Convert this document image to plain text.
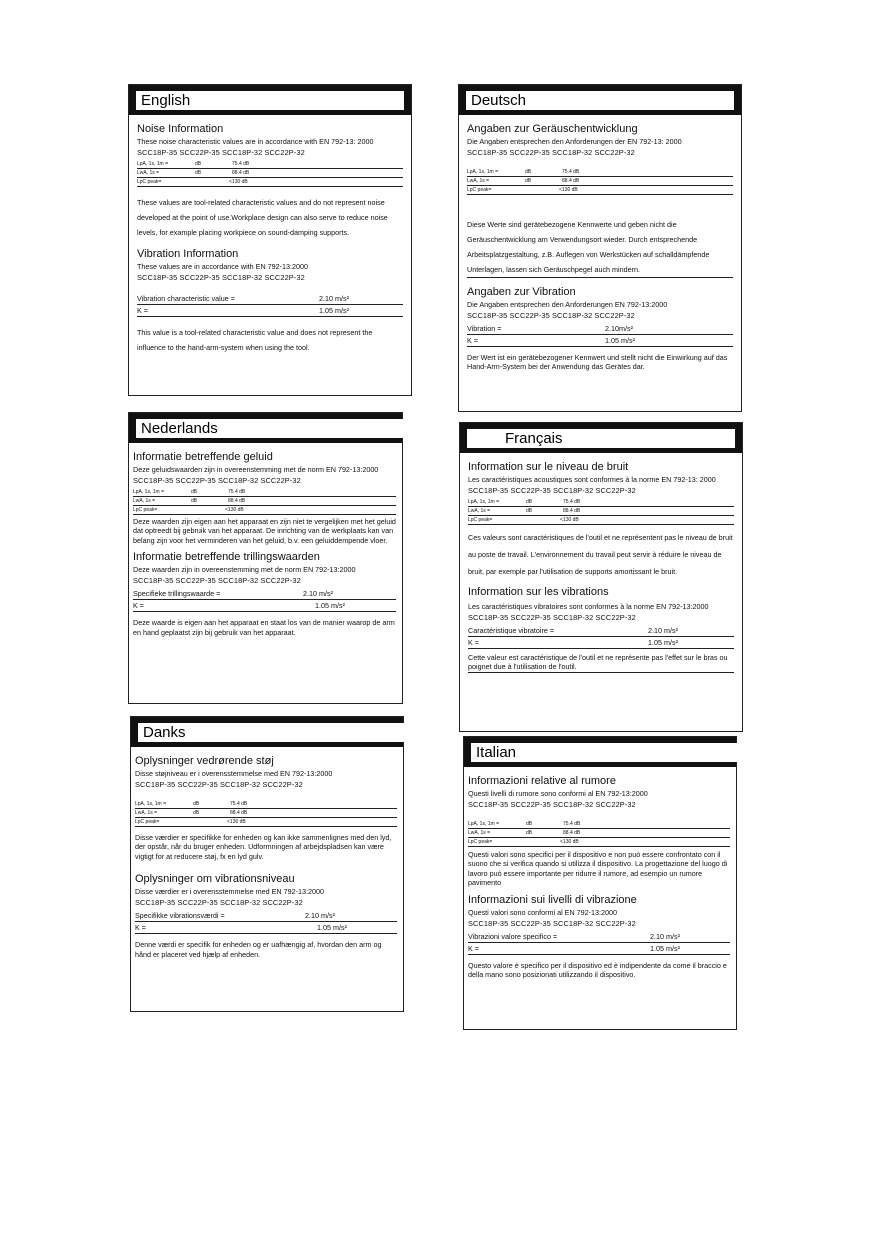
English

Noise Information

These noise characteristic values are in accordance with EN 792-13: 2000

SCC18P-35 SCC22P-35 SCC18P-32 SCC22P-32

LpA, 1s, 1m =	dB	75.4 dB
LwA, 1s =	dB	88.4 dB
LpC peak=	<130 dB

These values are tool-related characteristic values and do not represent noise developed at the point of use.Workplace design can also serve to reduce noise levels, for example placing workpiece on sound-damping supports.

Vibration Information

These values are in accordance with EN 792-13:2000

SCC18P-35 SCC22P-35 SCC18P-32 SCC22P-32

Vibration characteristic value =	2.10 m/s²
K =	1.05 m/s²

This value is a tool-related characteristic value and does not represent the influence to the hand-arm-system when using the tool.

Deutsch

Angaben zur Geräuschentwicklung

Die Angaben entsprechen den Anforderungen der EN 792-13: 2000

SCC18P-35 SCC22P-35 SCC18P-32 SCC22P-32

LpA, 1s, 1m =	dB	75.4 dB
LwA, 1s =	dB	88.4 dB
LpC peak=	<130 dB

Diese Werte sind gerätebezogene Kennwerte und geben nicht die Geräuschentwicklung am Verwendungsort wieder. Durch entsprechende Arbeitsplatzgestaltung, z.B. Auflegen von Werkstücken auf schalldämpfende Unterlagen, lassen sich Geräuschpegel auch mindern.

Angaben zur Vibration

Die Angaben entsprechen den Anforderungen EN 792-13:2000

SCC18P-35 SCC22P-35 SCC18P-32 SCC22P-32

Vibration =	2.10m/s²
K =	1.05 m/s²

Der Wert ist ein gerätebezogener Kennwert und stellt nicht die Einwirkung auf das Hand-Arm-System bei der Anwendung das Gerätes dar.

Nederlands

Informatie betreffende geluid

Deze geluidswaarden zijn in overeenstemming met de norm EN 792-13:2000

SCC18P-35 SCC22P-35 SCC18P-32 SCC22P-32

LpA, 1s, 1m =	dB	75.4 dB
LwA, 1s =	dB	88.4 dB
LpC peak=	<130 dB

Deze waarden zijn eigen aan het apparaat en zijn niet te vergelijken met het geluid dat optreedt bij gebruik van het apparaat. De inrichting van de werkplaats kan van belang zijn voor het verminderen van het geluid, b.v. een geluiddempende vloer.

Informatie betreffende trillingswaarden

Deze waarden zijn in overeenstemming met de norm EN 792-13:2000

SCC18P-35 SCC22P-35 SCC18P-32 SCC22P-32

Specifieke trillingswaarde =	2.10 m/s²
K =	1.05 m/s²

Deze waarde is eigen aan het apparaat en staat los van de manier waarop de arm en hand geplaatst zijn bij gebruik van het apparaat.

Français

Information sur le niveau de bruit

Les caractéristiques acoustiques sont conformes à la norme EN 792-13: 2000

SCC18P-35 SCC22P-35 SCC18P-32 SCC22P-32

LpA, 1s, 1m =	dB	75.4 dB
LwA, 1s =	dB	88.4 dB
LpC peak=	<130 dB

Ces valeurs sont caractéristiques de l'outil et ne représentent pas le niveau de bruit au poste de travail. L'environnement du travail peut servir à réduire le niveau de bruit, par exemple par l'utilisation de supports amortissant le bruit.

Information sur les vibrations

Les caractéristiques vibratoires sont conformes à la norme EN 792-13:2000

SCC18P-35 SCC22P-35 SCC18P-32 SCC22P-32

Caractéristique vibratoire =	2.10 m/s²
K =	1.05 m/s²

Cette valeur est caractéristique de l'outil et ne représente pas l'effet sur le bras ou poignet due à l'utilisation de l'outil.

Danks

Oplysninger vedrørende støj

Disse støjniveau er i overensstemmelse med EN 792-13:2000

SCC18P-35 SCC22P-35 SCC18P-32 SCC22P-32

LpA, 1s, 1m =	dB	75.4 dB
LwA, 1s =	dB	88.4 dB
LpC peak=	<130 dB

Disse værdier er specifikke for enheden og kan ikke sammenlignes med den lyd, der opstår, når du bruger enheden. Udformningen af arbejdspladsen kan være vigtigt for at reducere støj, fx en lyd gulv.

Oplysninger om vibrationsniveau

Disse værdier er i overensstemmelse med EN 792-13:2000

SCC18P-35 SCC22P-35 SCC18P-32 SCC22P-32

Specifikke vibrationsværdi =	2.10 m/s²
K =	1.05 m/s²

Denne værdi er specifik for enheden og er uafhængig af, hvordan den arm og hånd er placeret ved hjælp af enheden.

Italian

Informazioni relative al rumore

Questi livelli di rumore sono conformi al EN 792-13:2000

SCC18P-35 SCC22P-35 SCC18P-32 SCC22P-32

LpA, 1s, 1m =	dB	75.4 dB
LwA, 1s =	dB	88.4 dB
LpC peak=	<130 dB

Questi valori sono specifici per il dispositivo e non può essere confrontato con il suono che si verifica quando si utilizza il dispositivo. La progettazione del luogo di lavoro può essere importante per ridurre il rumore, ad esempio un rumore pavimento

Informazioni sui livelli di vibrazione

Questi valori sono conformi al EN 792-13:2000

SCC18P-35 SCC22P-35 SCC18P-32 SCC22P-32

Vibrazioni valore specifico =	2.10 m/s²
K =	1.05 m/s²

Questo valore è specifico per il dispositivo ed è indipendente da come il braccio e della mano sono posizionati utilizzando il dispositivo.
